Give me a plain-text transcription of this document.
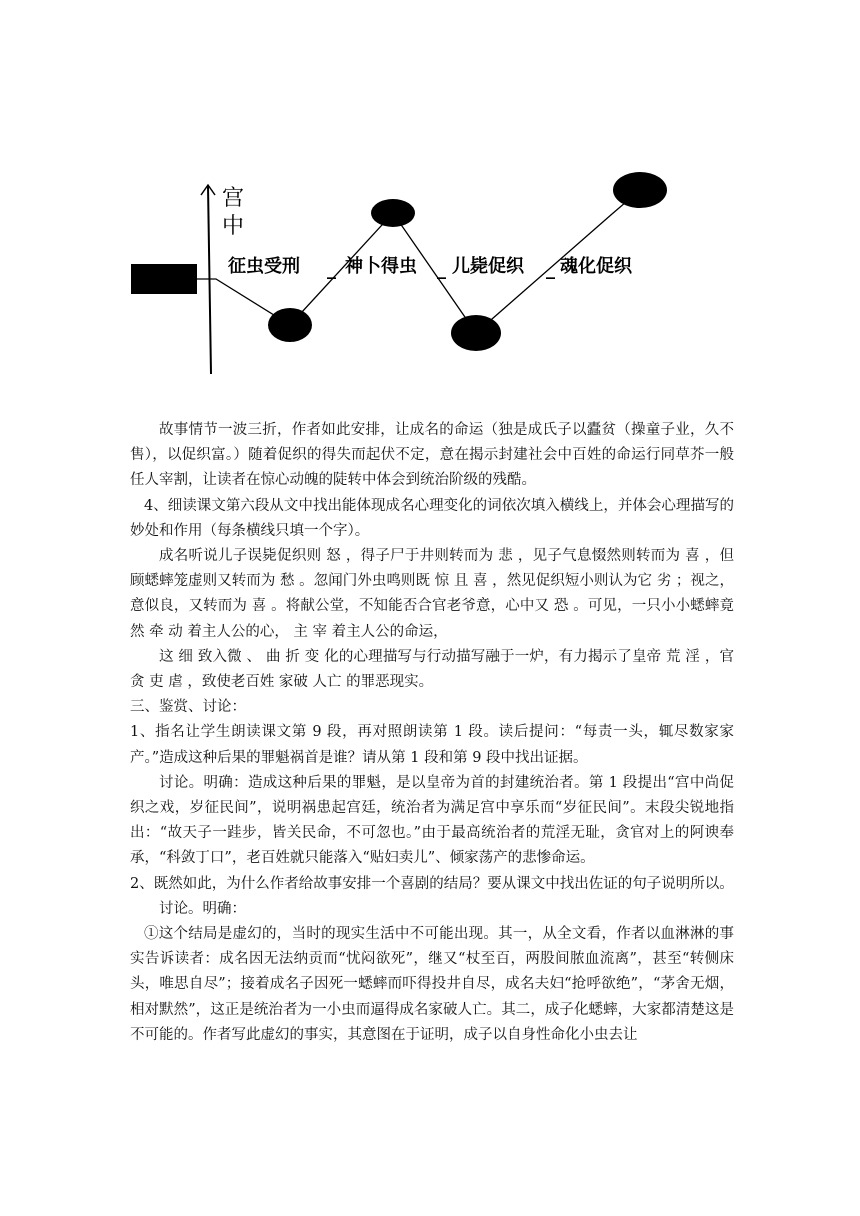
宫
中
征虫受刑 _ 神卜得虫 _ 儿毙促织 _ 魂化促织

故事情节一波三折，作者如此安排，让成名的命运（独是成氏子以蠹贫（操童子业，久不售），以促织富。）随着促织的得失而起伏不定，意在揭示封建社会中百姓的命运行同草芥一般任人宰割，让读者在惊心动魄的陡转中体会到统治阶级的残酷。

4、细读课文第六段从文中找出能体现成名心理变化的词依次填入横线上，并体会心理描写的妙处和作用（每条横线只填一个字）。

成名听说儿子误毙促织则 怒 ，得子尸于井则转而为 悲 ，见子气息惙然则转而为 喜 ，但顾蟋蟀笼虚则又转而为 愁 。忽闻门外虫鸣则既 惊 且 喜 ，然见促织短小则认为它 劣 ；视之，意似良，又转而为 喜 。将献公堂，不知能否合官老爷意，心中又 恐 。可见，一只小小蟋蟀竟然 牵 动 着主人公的心， 主 宰 着主人公的命运，

这 细 致入微 、 曲 折 变 化的心理描写与行动描写融于一炉，有力揭示了皇帝 荒 淫 ，官 贪 吏 虐 ，致使老百姓 家破 人亡 的罪恶现实。

三、鉴赏、讨论：

1、指名让学生朗读课文第 9 段，再对照朗读第 1 段。读后提问：“每责一头，辄尽数家家产。”造成这种后果的罪魁祸首是谁？请从第 1 段和第 9 段中找出证据。

讨论。明确：造成这种后果的罪魁，是以皇帝为首的封建统治者。第 1 段提出“宫中尚促织之戏，岁征民间”，说明祸患起宫廷，统治者为满足宫中享乐而“岁征民间”。末段尖锐地指出：“故天子一跬步，皆关民命，不可忽也。”由于最高统治者的荒淫无耻，贪官对上的阿谀奉承，“科敛丁口”，老百姓就只能落入“贴妇卖儿”、倾家荡产的悲惨命运。

2、既然如此，为什么作者给故事安排一个喜剧的结局？要从课文中找出佐证的句子说明所以。

讨论。明确：

①这个结局是虚幻的，当时的现实生活中不可能出现。其一，从全文看，作者以血淋淋的事实告诉读者：成名因无法纳贡而“忧闷欲死”，继又“杖至百，两股间脓血流离”，甚至“转侧床头，唯思自尽”；接着成名子因死一蟋蟀而吓得投井自尽，成名夫妇“抢呼欲绝”，“茅舍无烟，相对默然”，这正是统治者为一小虫而逼得成名家破人亡。其二，成子化蟋蟀，大家都清楚这是不可能的。作者写此虚幻的事实，其意图在于证明，成子以自身性命化小虫去让
